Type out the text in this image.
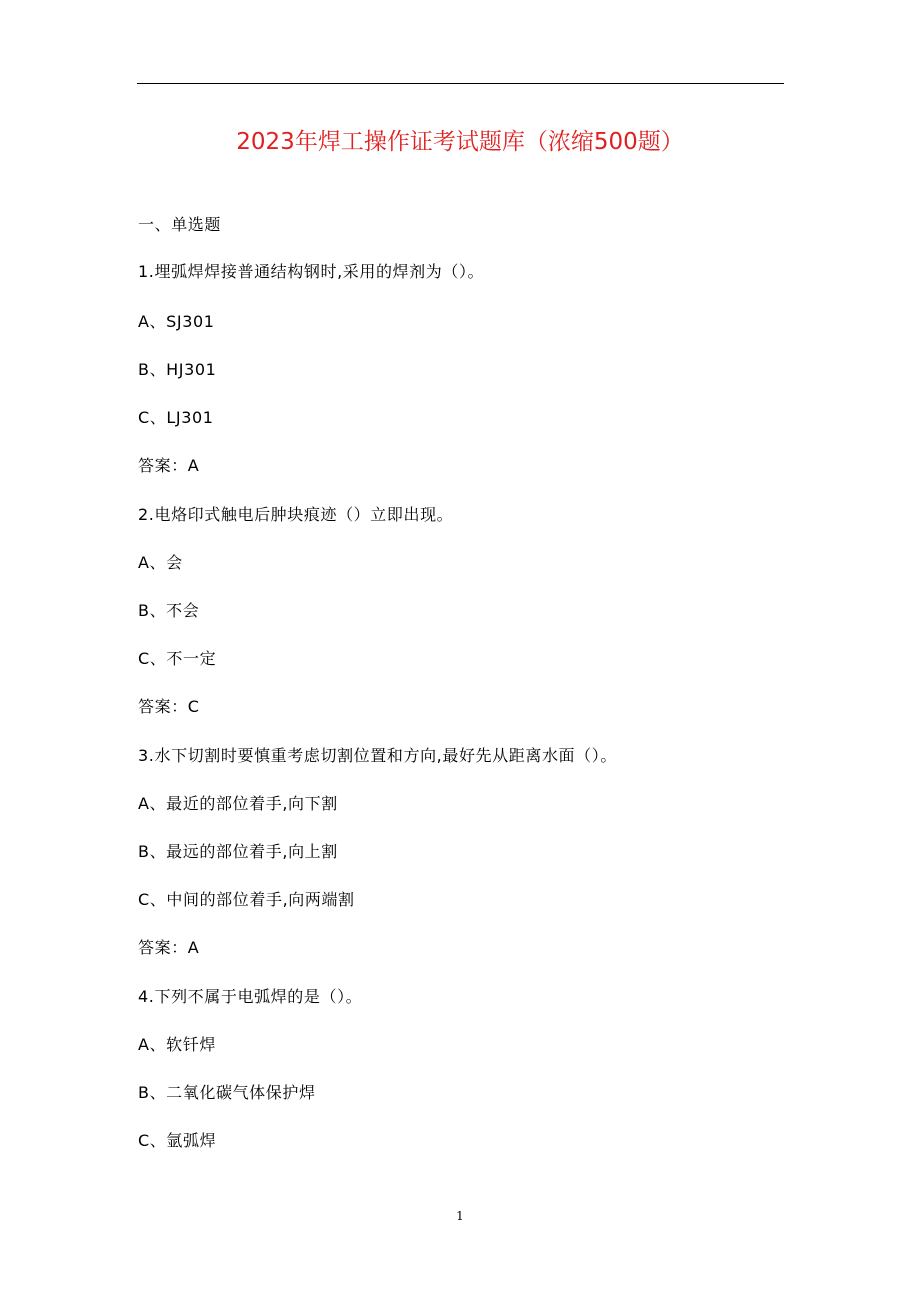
2023年焊工操作证考试题库（浓缩500题）
一、单选题
1.埋弧焊焊接普通结构钢时,采用的焊剂为（）。
A、SJ301
B、HJ301
C、LJ301
答案：A
2.电烙印式触电后肿块痕迹（）立即出现。
A、会
B、不会
C、不一定
答案：C
3.水下切割时要慎重考虑切割位置和方向,最好先从距离水面（）。
A、最近的部位着手,向下割
B、最远的部位着手,向上割
C、中间的部位着手,向两端割
答案：A
4.下列不属于电弧焊的是（）。
A、软钎焊
B、二氧化碳气体保护焊
C、氩弧焊
1
